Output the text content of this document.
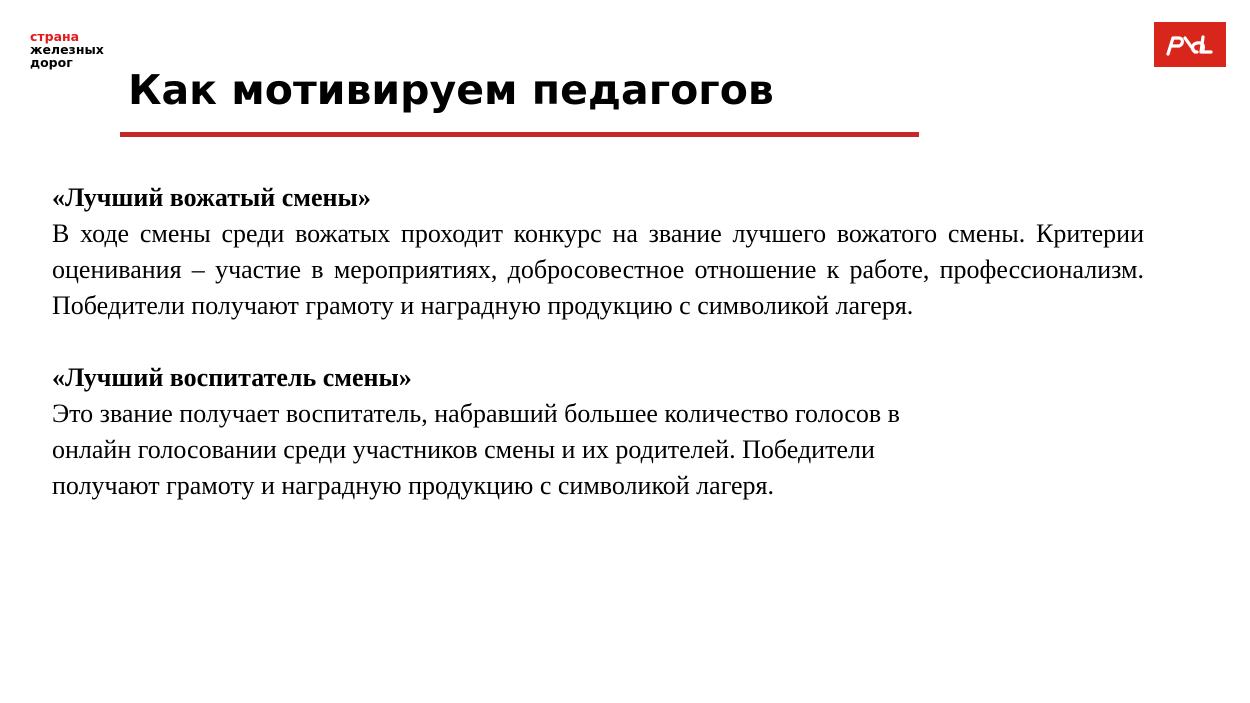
страна
железных
дорог
Как мотивируем педагогов

«Лучший вожатый смены»

В ходе смены среди вожатых проходит конкурс на звание лучшего вожатого смены. Критерии оценивания – участие в мероприятиях, добросовестное отношение к работе, профессионализм. Победители получают грамоту и наградную продукцию с символикой лагеря.

«Лучший воспитатель смены»

Это звание получает воспитатель, набравший большее количество голосов в

онлайн голосовании среди участников смены и их родителей. Победители

получают грамоту и наградную продукцию с символикой лагеря.
